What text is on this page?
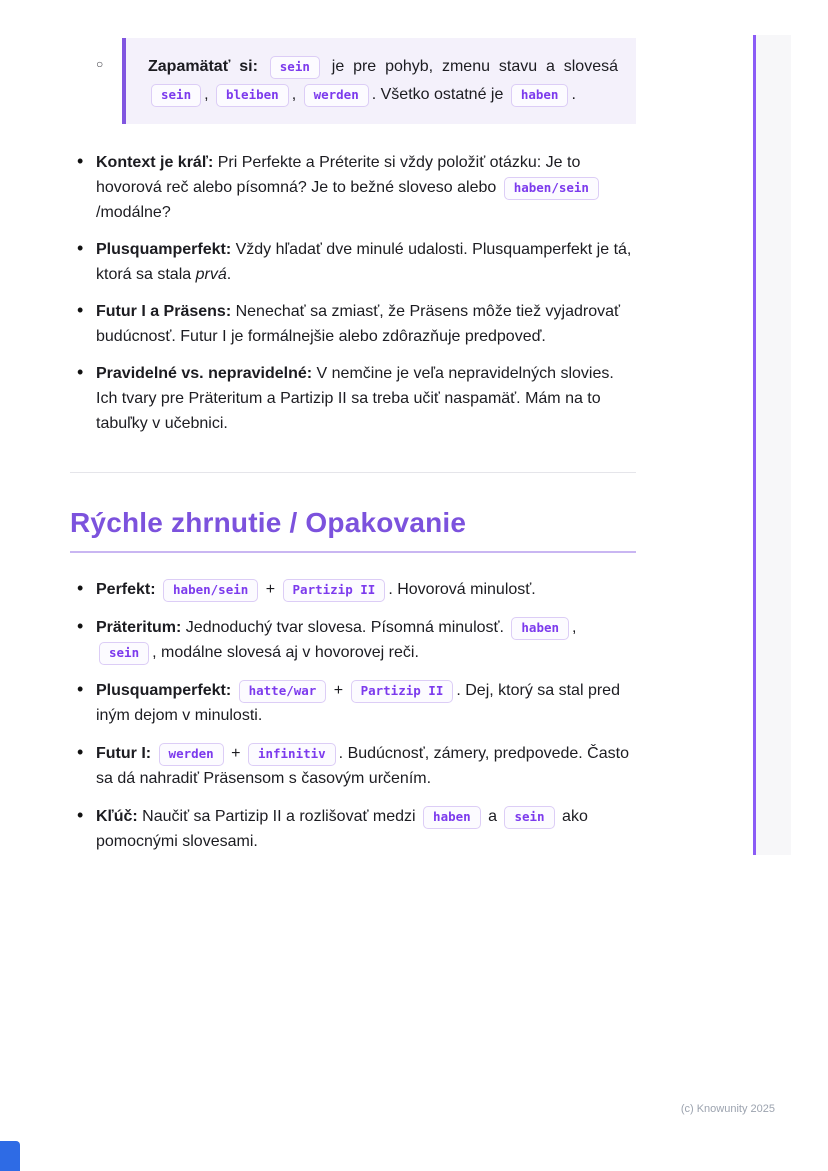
○	Zapamätať si: sein je pre pohyb, zmenu stavu a slovesá sein , bleiben , werden . Všetko ostatné je haben .

• Kontext je kráľ: Pri Perfekte a Préterite si vždy položiť otázku: Je to hovorová reč alebo písomná? Je to bežné sloveso alebo haben/sein/modálne?
• Plusquamperfekt: Vždy hľadať dve minulé udalosti. Plusquamperfekt je tá, ktorá sa stala prvá.
• Futur I a Präsens: Nenechať sa zmiasť, že Präsens môže tiež vyjadrovať budúcnosť. Futur I je formálnejšie alebo zdôrazňuje predpoveď.
• Pravidelné vs. nepravidelné: V nemčine je veľa nepravidelných slovies. Ich tvary pre Präteritum a Partizip II sa treba učiť naspamäť. Mám na to tabuľky v učebnici.
Rýchle zhrnutie / Opakovanie
• Perfekt: haben/sein + Partizip II . Hovorová minulosť.
• Präteritum: Jednoduchý tvar slovesa. Písomná minulosť. haben , sein , modálne slovesá aj v hovorovej reči.
• Plusquamperfekt: hatte/war + Partizip II . Dej, ktorý sa stal pred iným dejom v minulosti.
• Futur I: werden + infinitiv . Budúcnosť, zámery, predpovede. Často sa dá nahradiť Präsensom s časovým určením.
• Kľúč: Naučiť sa Partizip II a rozlišovať medzi haben a sein ako pomocnými slovesami.
(c) Knowunity 2025
